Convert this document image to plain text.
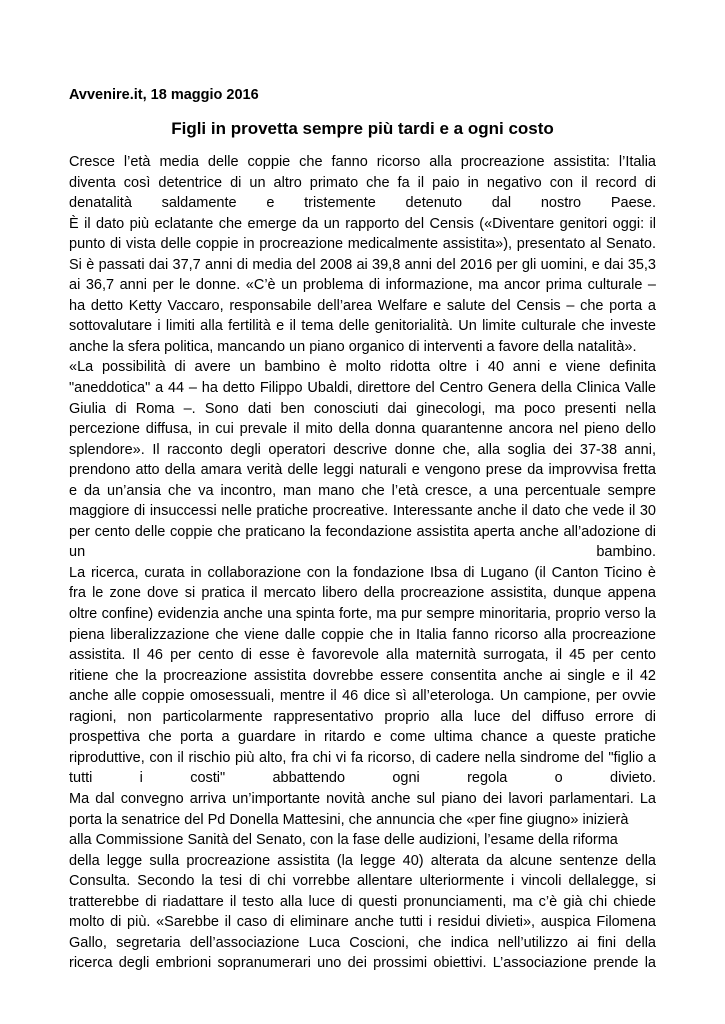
Avvenire.it, 18 maggio 2016
Figli in provetta sempre più tardi e a ogni costo
Cresce l’età media delle coppie che fanno ricorso alla procreazione assistita: l’Italia
diventa così detentrice di un altro primato che fa il paio in negativo con il record di
denatalità saldamente e tristemente detenuto dal nostro Paese.
È il dato più eclatante che emerge da un rapporto del Censis («Diventare genitori oggi: il
punto di vista delle coppie in procreazione medicalmente assistita»), presentato al Senato.
Si è passati dai 37,7 anni di media del 2008 ai 39,8 anni del 2016 per gli uomini, e dai 35,3
ai 36,7 anni per le donne. «C’è un problema di informazione, ma ancor prima culturale –
ha detto Ketty Vaccaro, responsabile dell’area Welfare e salute del Censis – che porta a
sottovalutare i limiti alla fertilità e il tema delle genitorialità. Un limite culturale che investe
anche la sfera politica, mancando un piano organico di interventi a favore della natalità».
«La possibilità di avere un bambino è molto ridotta oltre i 40 anni e viene definita
"aneddotica" a 44 – ha detto Filippo Ubaldi, direttore del Centro Genera della Clinica Valle
Giulia di Roma –. Sono dati ben conosciuti dai ginecologi, ma poco presenti nella
percezione diffusa, in cui prevale il mito della donna quarantenne ancora nel pieno dello
splendore». Il racconto degli operatori descrive donne che, alla soglia dei 37-38 anni,
prendono atto della amara verità delle leggi naturali e vengono prese da improvvisa fretta
e da un’ansia che va incontro, man mano che l’età cresce, a una percentuale sempre
maggiore di insuccessi nelle pratiche procreative. Interessante anche il dato che vede il 30
per cento delle coppie che praticano la fecondazione assistita aperta anche all’adozione di
un bambino.
La ricerca, curata in collaborazione con la fondazione Ibsa di Lugano (il Canton Ticino è
fra le zone dove si pratica il mercato libero della procreazione assistita, dunque appena
oltre confine) evidenzia anche una spinta forte, ma pur sempre minoritaria, proprio verso la
piena liberalizzazione che viene dalle coppie che in Italia fanno ricorso alla procreazione
assistita. Il 46 per cento di esse è favorevole alla maternità surrogata, il 45 per cento
ritiene che la procreazione assistita dovrebbe essere consentita anche ai single e il 42
anche alle coppie omosessuali, mentre il 46 dice sì all’eterologa. Un campione, per ovvie
ragioni, non particolarmente rappresentativo proprio alla luce del diffuso errore di
prospettiva che porta a guardare in ritardo e come ultima chance a queste pratiche
riproduttive, con il rischio più alto, fra chi vi fa ricorso, di cadere nella sindrome del "figlio a
tutti i costi" abbattendo ogni regola o divieto.
Ma dal convegno arriva un’importante novità anche sul piano dei lavori parlamentari. La
porta la senatrice del Pd Donella Mattesini, che annuncia che «per fine giugno» inizierà
alla Commissione Sanità del Senato, con la fase delle audizioni, l’esame della riforma
della legge sulla procreazione assistita (la legge 40) alterata da alcune sentenze della
Consulta. Secondo la tesi di chi vorrebbe allentare ulteriormente i vincoli dellalegge, si
tratterebbe di riadattare il testo alla luce di questi pronunciamenti, ma c’è già chi chiede
molto di più. «Sarebbe il caso di eliminare anche tutti i residui divieti», auspica Filomena
Gallo, segretaria dell’associazione Luca Coscioni, che indica nell’utilizzo ai fini della
ricerca degli embrioni sopranumerari uno dei prossimi obiettivi. L’associazione prende la
